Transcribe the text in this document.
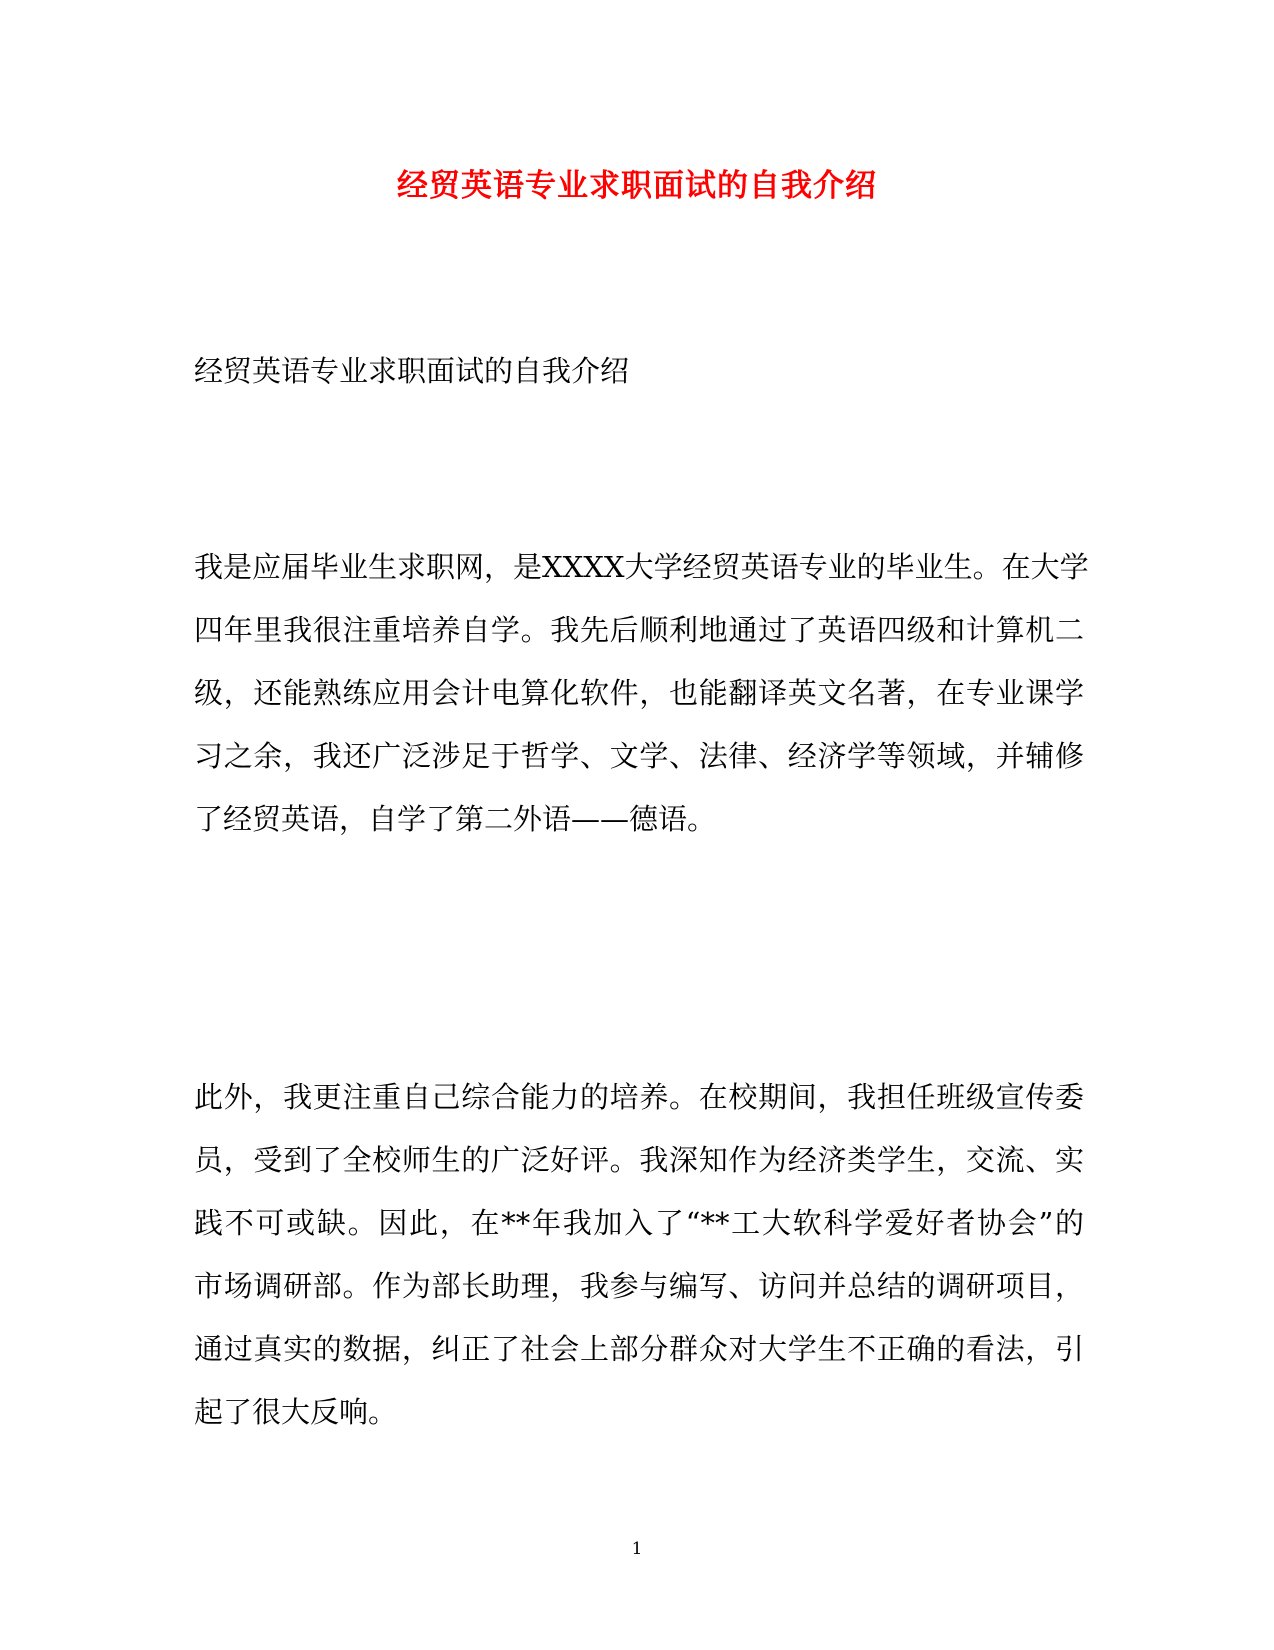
经贸英语专业求职面试的自我介绍
经贸英语专业求职面试的自我介绍
我是应届毕业生求职网，是XXXX大学经贸英语专业的毕业生。在大学
四年里我很注重培养自学。我先后顺利地通过了英语四级和计算机二
级，还能熟练应用会计电算化软件，也能翻译英文名著，在专业课学
习之余，我还广泛涉足于哲学、文学、法律、经济学等领域，并辅修
了经贸英语，自学了第二外语——德语。
此外，我更注重自己综合能力的培养。在校期间，我担任班级宣传委
员，受到了全校师生的广泛好评。我深知作为经济类学生，交流、实
践不可或缺。因此，在**年我加入了“**工大软科学爱好者协会”的
市场调研部。作为部长助理，我参与编写、访问并总结的调研项目，
通过真实的数据，纠正了社会上部分群众对大学生不正确的看法，引
起了很大反响。
1
